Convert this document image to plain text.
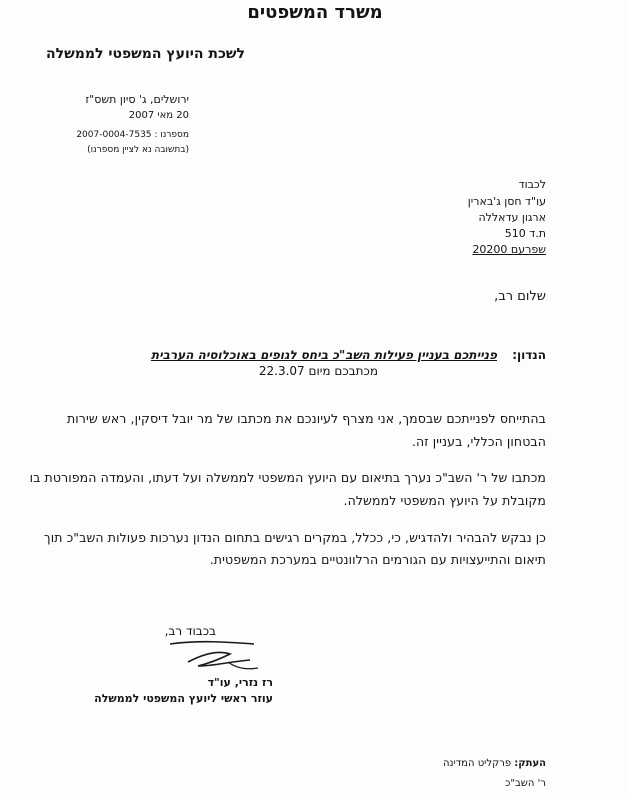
משרד המשפטים
לשכת היועץ המשפטי לממשלה
ירושלים, ג' סיון תשס"ז
20 מאי 2007
מספרנו : 2007-0004-7535
(בתשובה נא לציין מספרנו)
לכבוד
עו"ד חסן ג'בארין
ארגון עדאללה
ת.ד 510
שפרעם 20200
שלום רב,
הנדון:
פנייתכם בעניין פעילות השב"כ ביחס לגופים באוכלוסיה הערבית
מכתבכם מיום 22.3.07
בהתייחס לפנייתכם שבסמך, אני מצרף לעיונכם את מכתבו של מר יובל דיסקין, ראש שירות
הבטחון הכללי, בעניין זה.
מכתבו של ר' השב"כ נערך בתיאום עם היועץ המשפטי לממשלה ועל דעתו, והעמדה המפורטת בו
מקובלת על היועץ המשפטי לממשלה.
כן נבקש להבהיר ולהדגיש, כי, ככלל, במקרים רגישים בתחום הנדון נערכות פעולות השב"כ תוך
תיאום והתייעצויות עם הגורמים הרלוונטיים במערכת המשפטית.
בכבוד רב,
רז נזרי, עו"ד
עוזר ראשי ליועץ המשפטי לממשלה
העתק: פרקליט המדינה
ר' השב"כ
